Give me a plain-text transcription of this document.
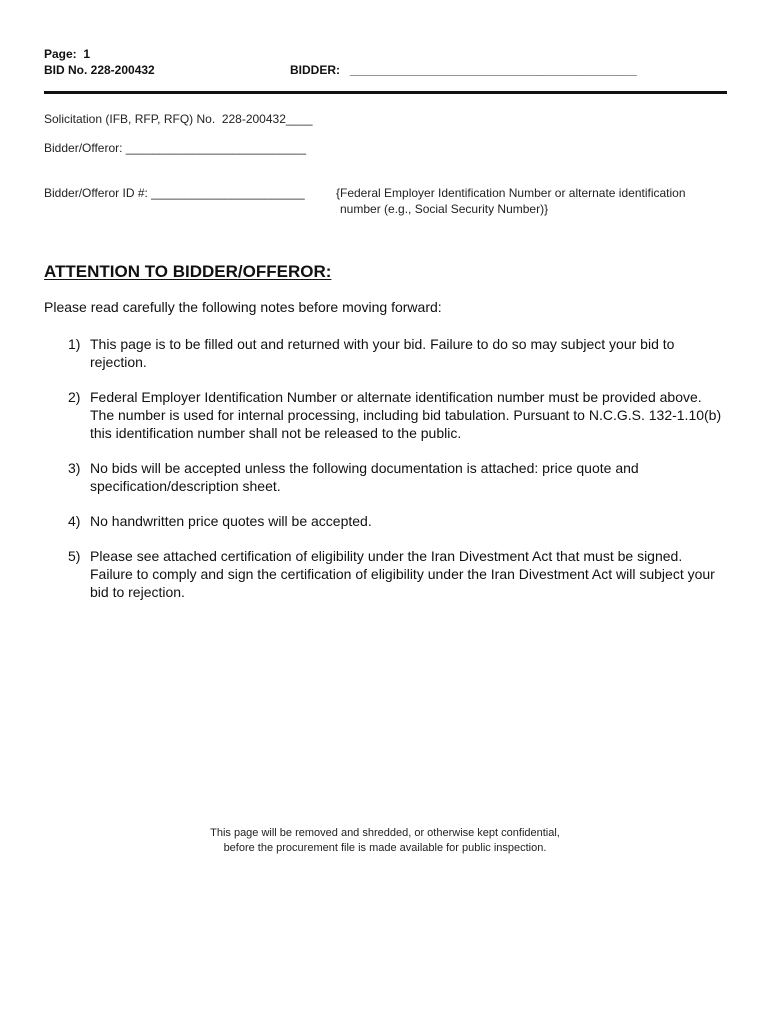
Page:  1
BID No. 228-200432	BIDDER:   ___________________________________________
Solicitation (IFB, RFP, RFQ) No.  228-200432____
Bidder/Offeror: ___________________________
Bidder/Offeror ID #: _______________________	{Federal Employer Identification Number or alternate identification
number (e.g., Social Security Number)}
ATTENTION TO BIDDER/OFFEROR:
Please read carefully the following notes before moving forward:
1) This page is to be filled out and returned with your bid. Failure to do so may subject your bid to rejection.
2) Federal Employer Identification Number or alternate identification number must be provided above. The number is used for internal processing, including bid tabulation. Pursuant to N.C.G.S. 132-1.10(b) this identification number shall not be released to the public.
3) No bids will be accepted unless the following documentation is attached: price quote and specification/description sheet.
4) No handwritten price quotes will be accepted.
5) Please see attached certification of eligibility under the Iran Divestment Act that must be signed. Failure to comply and sign the certification of eligibility under the Iran Divestment Act will subject your bid to rejection.
This page will be removed and shredded, or otherwise kept confidential,
before the procurement file is made available for public inspection.
